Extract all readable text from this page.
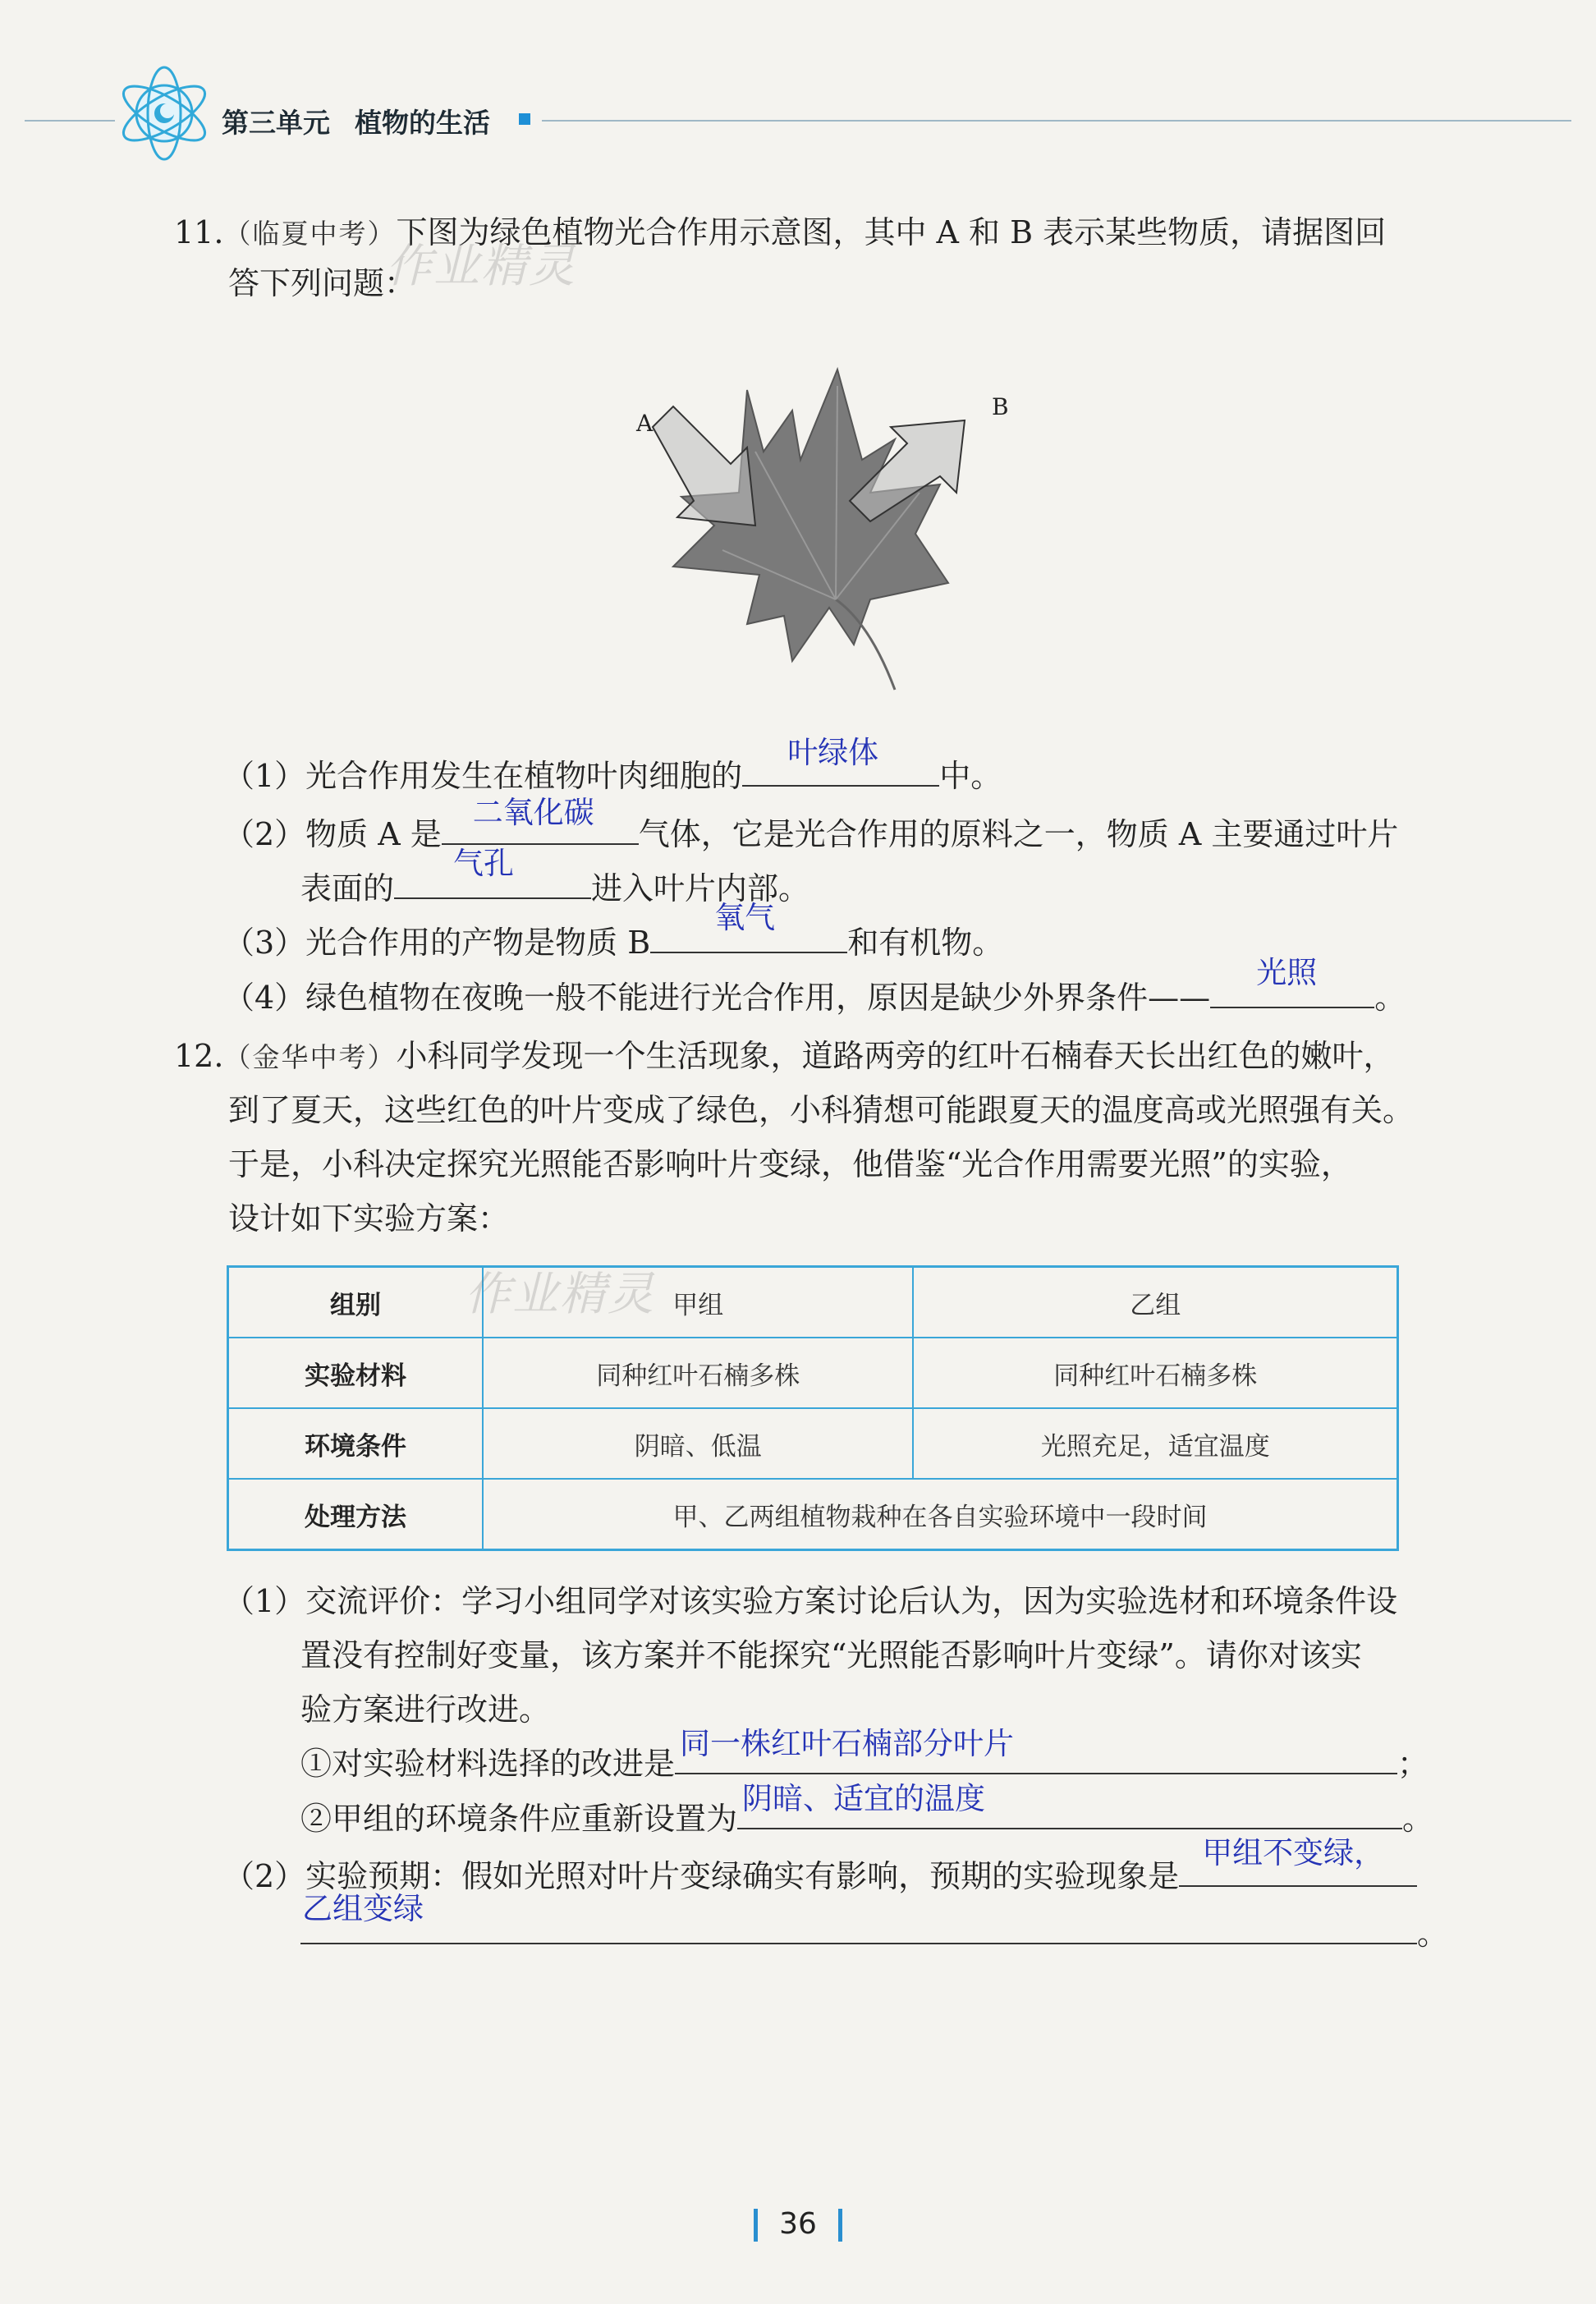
第三单元 植物的生活
11.（临夏中考）下图为绿色植物光合作用示意图，其中 A 和 B 表示某些物质，请据图回
答下列问题：
作业精灵
A
B
（1）光合作用发生在植物叶肉细胞的
叶绿体
中。
（2）物质 A 是
二氧化碳
气体，它是光合作用的原料之一，物质 A 主要通过叶片
表面的
气孔
进入叶片内部。
（3）光合作用的产物是物质 B
氧气
和有机物。
（4）绿色植物在夜晚一般不能进行光合作用，原因是缺少外界条件——
光照
。
12.（金华中考）小科同学发现一个生活现象，道路两旁的红叶石楠春天长出红色的嫩叶，
到了夏天，这些红色的叶片变成了绿色，小科猜想可能跟夏天的温度高或光照强有关。
于是，小科决定探究光照能否影响叶片变绿，他借鉴“光合作用需要光照”的实验，
设计如下实验方案：
组别	甲组	乙组
实验材料	同种红叶石楠多株	同种红叶石楠多株
环境条件	阴暗、低温	光照充足，适宜温度
处理方法	甲、乙两组植物栽种在各自实验环境中一段时间	
作业精灵
（1）交流评价：学习小组同学对该实验方案讨论后认为，因为实验选材和环境条件设
置没有控制好变量，该方案并不能探究“光照能否影响叶片变绿”。请你对该实
验方案进行改进。
①对实验材料选择的改进是
同一株红叶石楠部分叶片
；
②甲组的环境条件应重新设置为
阴暗、适宜的温度
。
（2）实验预期：假如光照对叶片变绿确实有影响，预期的实验现象是
甲组不变绿，
乙组变绿
。
36
